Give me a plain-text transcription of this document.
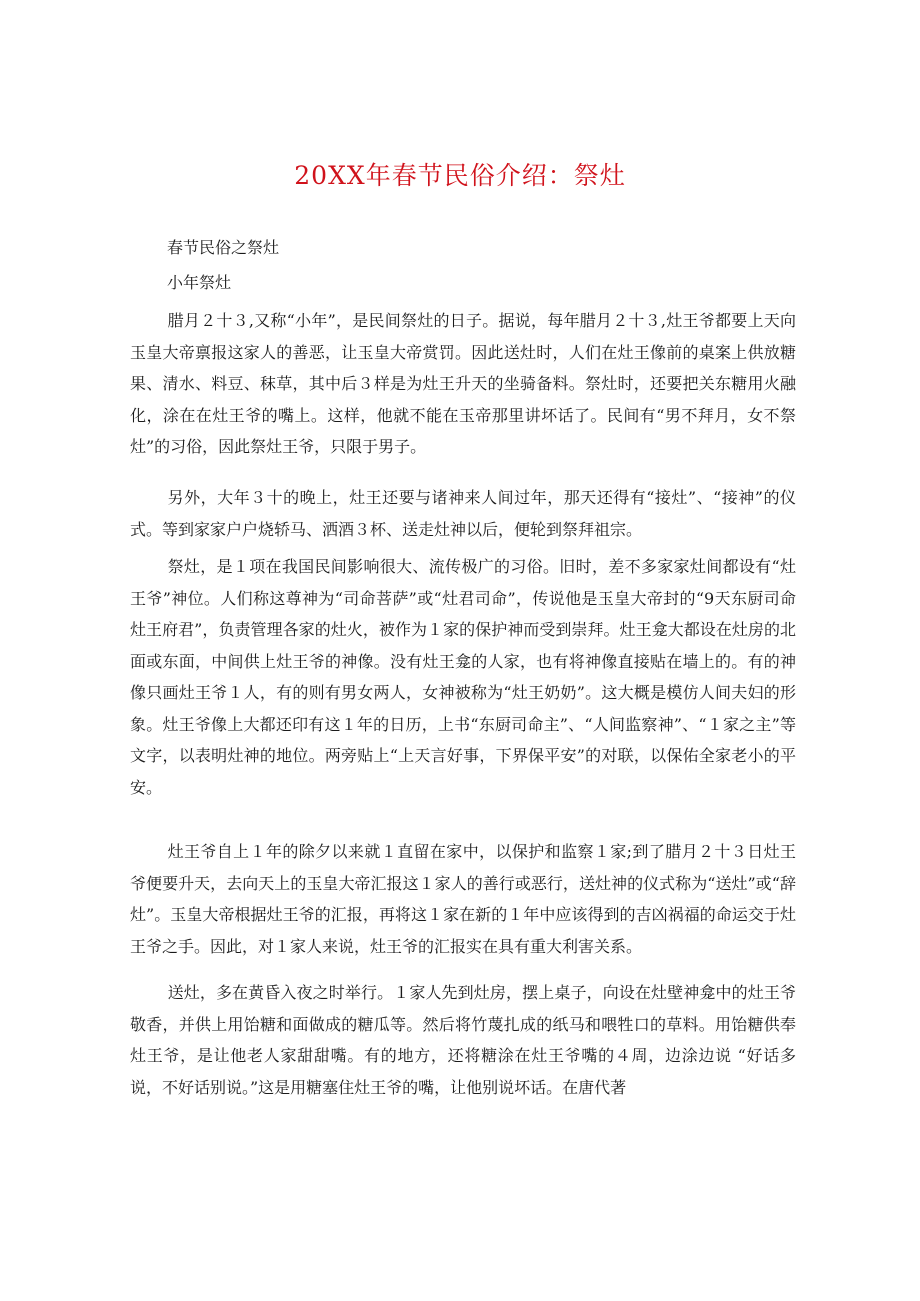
20XX年春节民俗介绍：祭灶
春节民俗之祭灶
小年祭灶

腊月２十３,又称“小年”，是民间祭灶的日子。据说，每年腊月２十３,灶王爷都要上天向玉皇大帝禀报这家人的善恶，让玉皇大帝赏罚。因此送灶时，人们在灶王像前的桌案上供放糖果、清水、料豆、秣草，其中后３样是为灶王升天的坐骑备料。祭灶时，还要把关东糖用火融化，涂在在灶王爷的嘴上。这样，他就不能在玉帝那里讲坏话了。民间有“男不拜月，女不祭灶”的习俗，因此祭灶王爷，只限于男子。

另外，大年３十的晚上，灶王还要与诸神来人间过年，那天还得有“接灶”、“接神”的仪式。等到家家户户烧轿马、洒酒３杯、送走灶神以后，便轮到祭拜祖宗。

祭灶，是１项在我国民间影响很大、流传极广的习俗。旧时，差不多家家灶间都设有“灶王爷”神位。人们称这尊神为“司命菩萨”或“灶君司命”，传说他是玉皇大帝封的“9天东厨司命灶王府君”，负责管理各家的灶火，被作为１家的保护神而受到崇拜。灶王龛大都设在灶房的北面或东面，中间供上灶王爷的神像。没有灶王龛的人家，也有将神像直接贴在墙上的。有的神像只画灶王爷１人，有的则有男女两人，女神被称为“灶王奶奶”。这大概是模仿人间夫妇的形象。灶王爷像上大都还印有这１年的日历，上书“东厨司命主”、“人间监察神”、“１家之主”等文字，以表明灶神的地位。两旁贴上“上天言好事，下界保平安”的对联，以保佑全家老小的平安。

灶王爷自上１年的除夕以来就１直留在家中，以保护和监察１家;到了腊月２十３日灶王爷便要升天，去向天上的玉皇大帝汇报这１家人的善行或恶行，送灶神的仪式称为“送灶”或“辞灶”。玉皇大帝根据灶王爷的汇报，再将这１家在新的１年中应该得到的吉凶祸福的命运交于灶王爷之手。因此，对１家人来说，灶王爷的汇报实在具有重大利害关系。

送灶，多在黄昏入夜之时举行。１家人先到灶房，摆上桌子，向设在灶壁神龛中的灶王爷敬香，并供上用饴糖和面做成的糖瓜等。然后将竹蔑扎成的纸马和喂牲口的草料。用饴糖供奉灶王爷，是让他老人家甜甜嘴。有的地方，还将糖涂在灶王爷嘴的４周，边涂边说 “好话多说，不好话别说。”这是用糖塞住灶王爷的嘴，让他别说坏话。在唐代著
